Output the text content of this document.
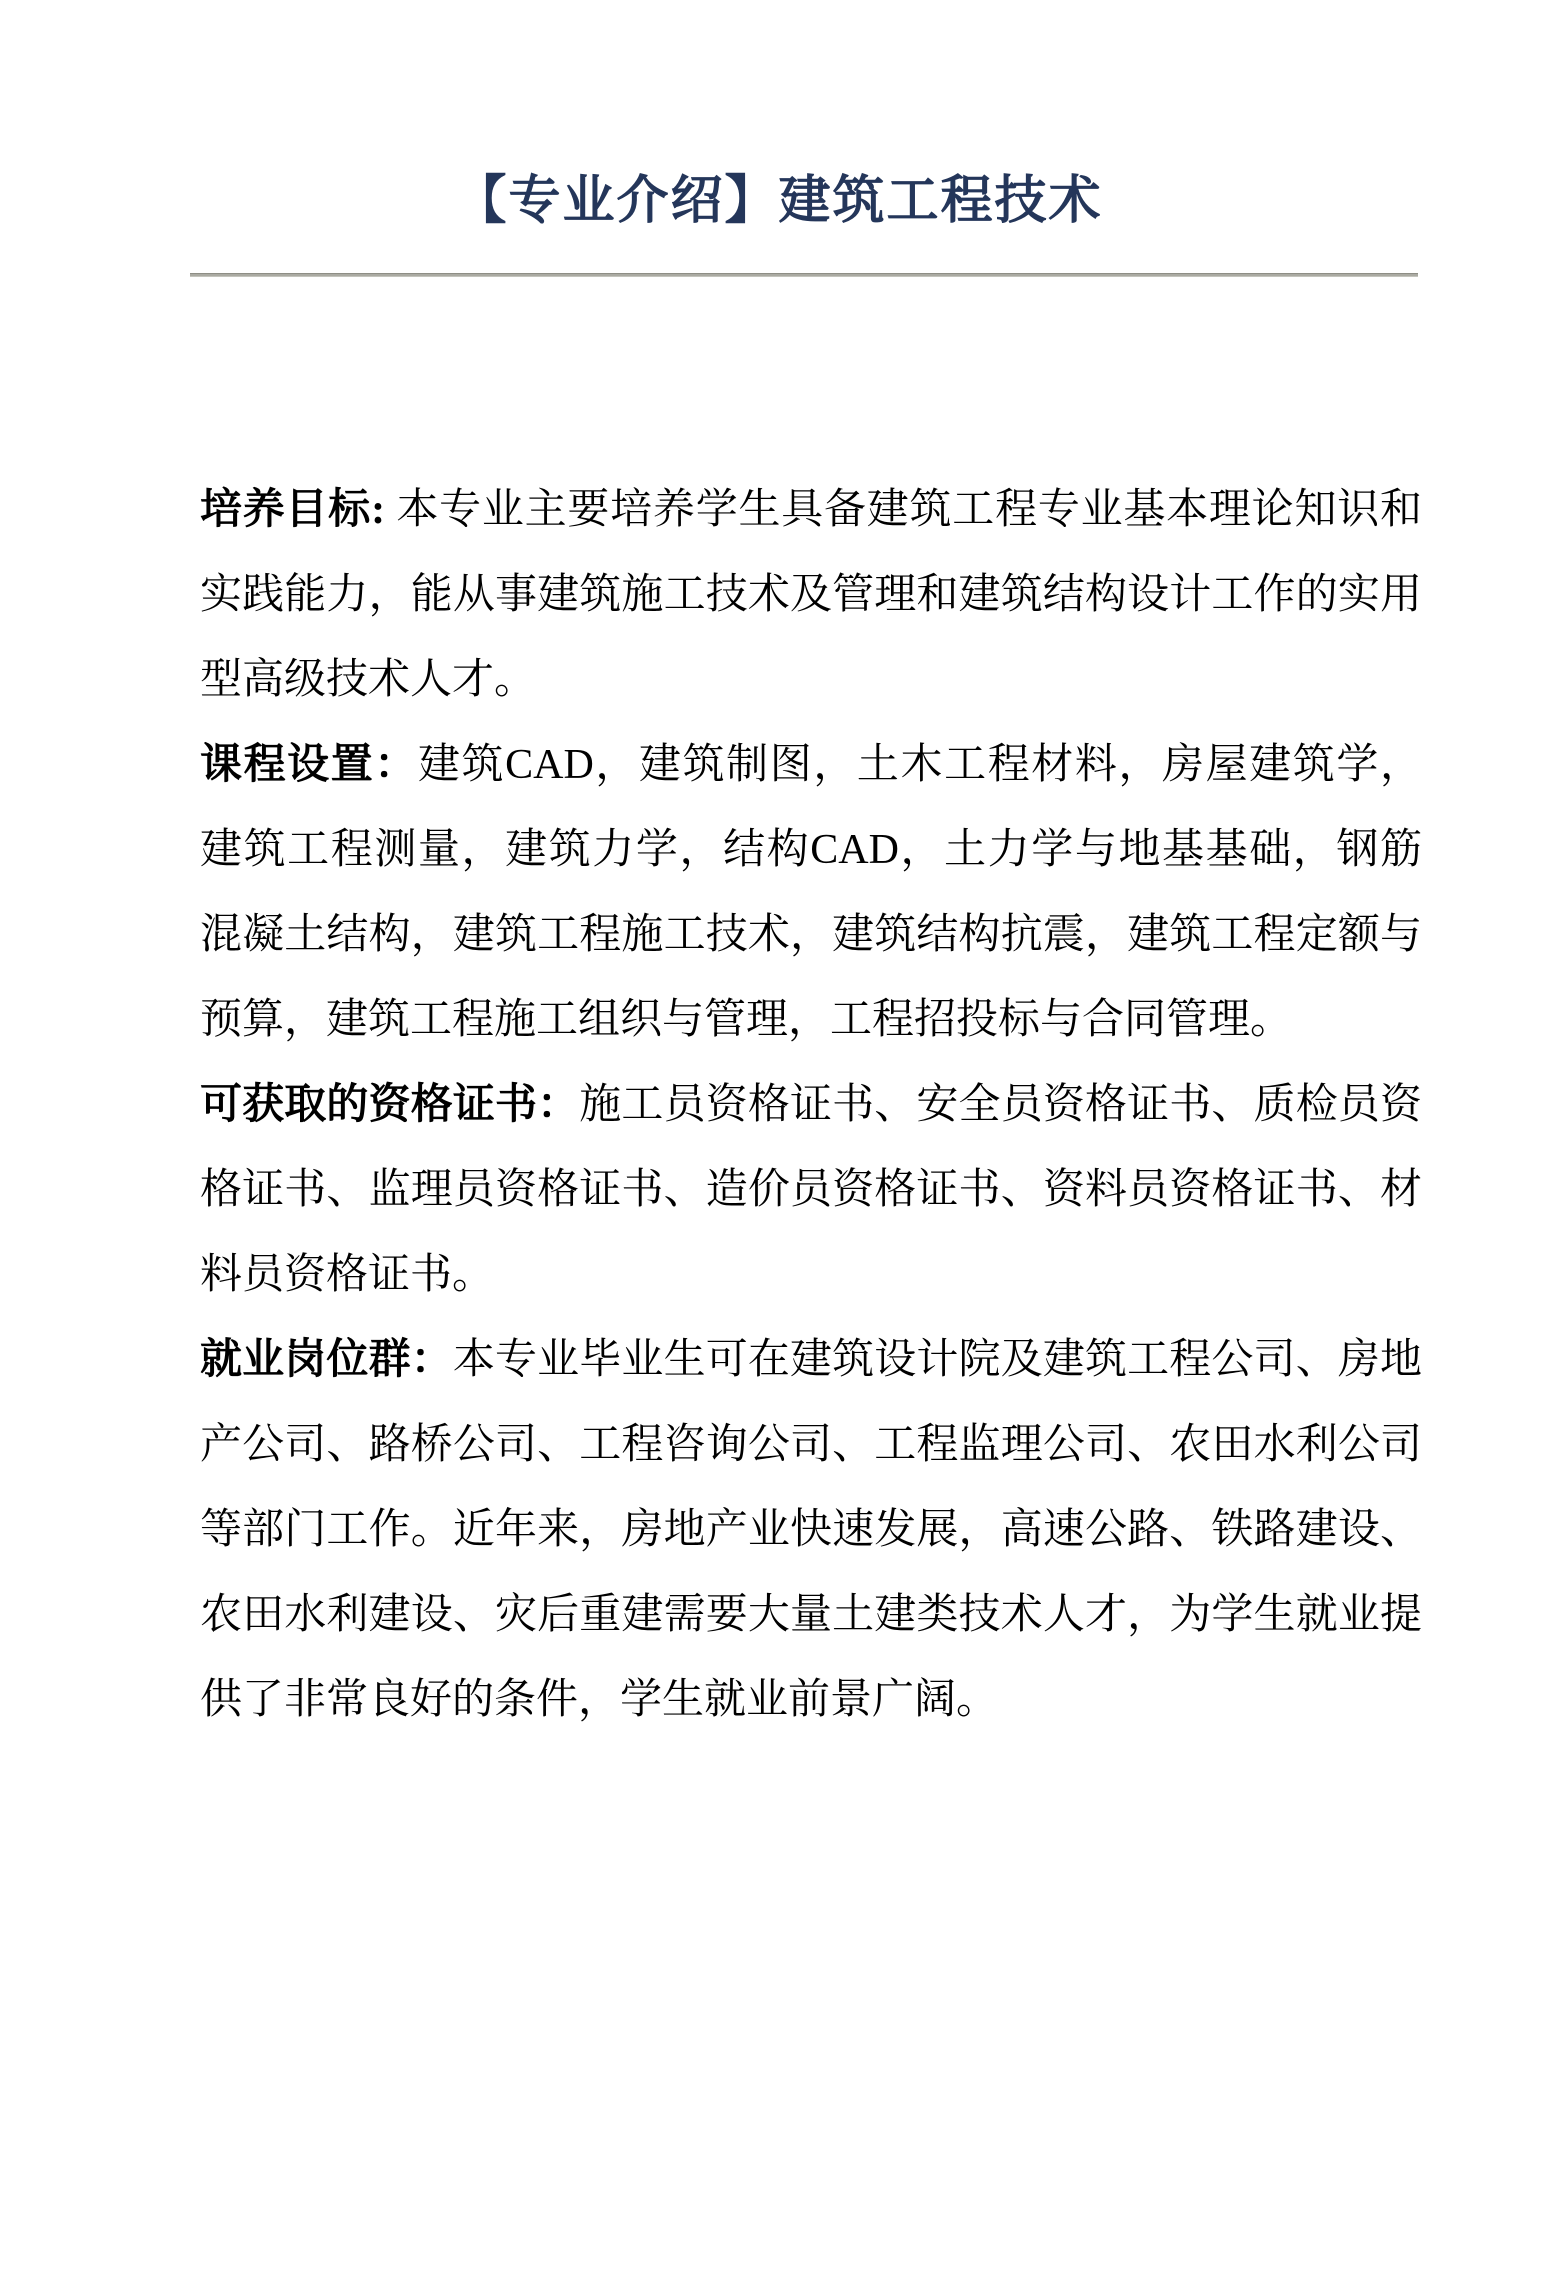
【专业介绍】建筑工程技术

培养目标: 本专业主要培养学生具备建筑工程专业基本理论知识和实践能力，能从事建筑施工技术及管理和建筑结构设计工作的实用型高级技术人才。

课程设置：建筑CAD，建筑制图，土木工程材料，房屋建筑学，建筑工程测量，建筑力学，结构CAD，土力学与地基基础，钢筋混凝土结构，建筑工程施工技术，建筑结构抗震，建筑工程定额与预算，建筑工程施工组织与管理，工程招投标与合同管理。

可获取的资格证书：施工员资格证书、安全员资格证书、质检员资格证书、监理员资格证书、造价员资格证书、资料员资格证书、材料员资格证书。

就业岗位群：本专业毕业生可在建筑设计院及建筑工程公司、房地产公司、路桥公司、工程咨询公司、工程监理公司、农田水利公司等部门工作。近年来，房地产业快速发展，高速公路、铁路建设、农田水利建设、灾后重建需要大量土建类技术人才，为学生就业提供了非常良好的条件，学生就业前景广阔。
